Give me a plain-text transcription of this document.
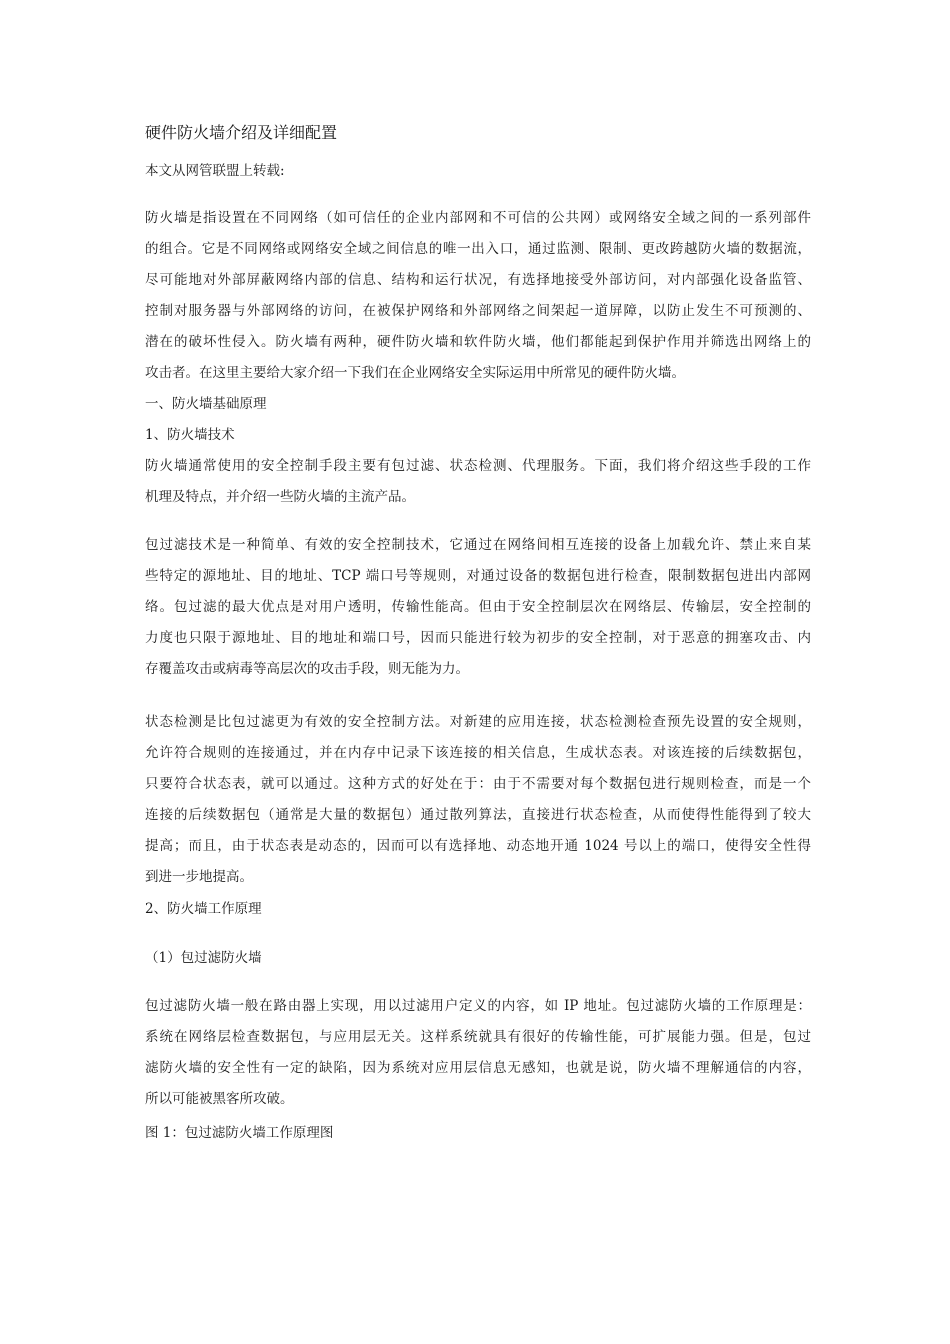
硬件防火墙介绍及详细配置
本文从网管联盟上转载:
防火墙是指设置在不同网络（如可信任的企业内部网和不可信的公共网）或网络安全域之间的一系列部件
的组合。它是不同网络或网络安全域之间信息的唯一出入口，通过监测、限制、更改跨越防火墙的数据流，
尽可能地对外部屏蔽网络内部的信息、结构和运行状况，有选择地接受外部访问，对内部强化设备监管、
控制对服务器与外部网络的访问，在被保护网络和外部网络之间架起一道屏障，以防止发生不可预测的、
潜在的破坏性侵入。防火墙有两种，硬件防火墙和软件防火墙，他们都能起到保护作用并筛选出网络上的
攻击者。在这里主要给大家介绍一下我们在企业网络安全实际运用中所常见的硬件防火墙。
一、防火墙基础原理
1、防火墙技术
防火墙通常使用的安全控制手段主要有包过滤、状态检测、代理服务。下面，我们将介绍这些手段的工作
机理及特点，并介绍一些防火墙的主流产品。
包过滤技术是一种简单、有效的安全控制技术，它通过在网络间相互连接的设备上加载允许、禁止来自某
些特定的源地址、目的地址、TCP 端口号等规则，对通过设备的数据包进行检查，限制数据包进出内部网
络。包过滤的最大优点是对用户透明，传输性能高。但由于安全控制层次在网络层、传输层，安全控制的
力度也只限于源地址、目的地址和端口号，因而只能进行较为初步的安全控制，对于恶意的拥塞攻击、内
存覆盖攻击或病毒等高层次的攻击手段，则无能为力。
状态检测是比包过滤更为有效的安全控制方法。对新建的应用连接，状态检测检查预先设置的安全规则，
允许符合规则的连接通过，并在内存中记录下该连接的相关信息，生成状态表。对该连接的后续数据包，
只要符合状态表，就可以通过。这种方式的好处在于：由于不需要对每个数据包进行规则检查，而是一个
连接的后续数据包（通常是大量的数据包）通过散列算法，直接进行状态检查，从而使得性能得到了较大
提高；而且，由于状态表是动态的，因而可以有选择地、动态地开通 1024 号以上的端口，使得安全性得
到进一步地提高。
2、防火墙工作原理
（1）包过滤防火墙
包过滤防火墙一般在路由器上实现，用以过滤用户定义的内容，如 IP 地址。包过滤防火墙的工作原理是：
系统在网络层检查数据包，与应用层无关。这样系统就具有很好的传输性能，可扩展能力强。但是，包过
滤防火墙的安全性有一定的缺陷，因为系统对应用层信息无感知，也就是说，防火墙不理解通信的内容，
所以可能被黑客所攻破。
图 1：包过滤防火墙工作原理图
